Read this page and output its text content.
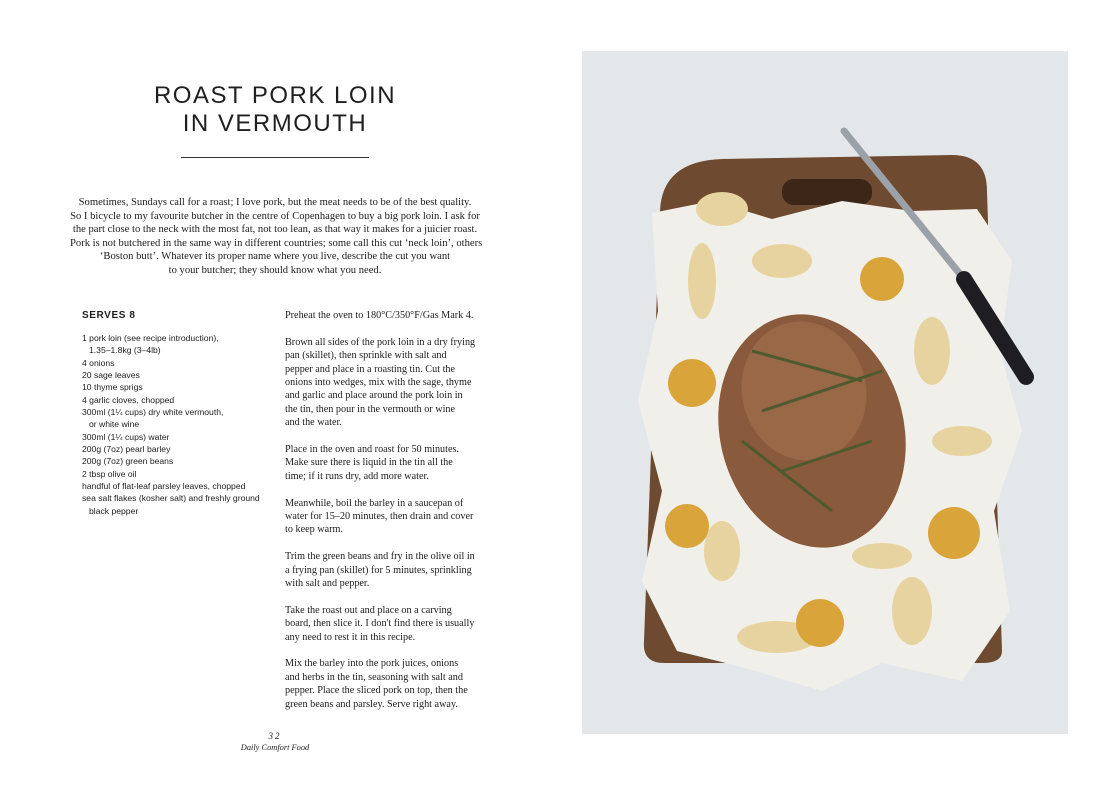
ROAST PORK LOIN
IN VERMOUTH
Sometimes, Sundays call for a roast; I love pork, but the meat needs to be of the best quality.
So I bicycle to my favourite butcher in the centre of Copenhagen to buy a big pork loin. I ask for
the part close to the neck with the most fat, not too lean, as that way it makes for a juicier roast.
Pork is not butchered in the same way in different countries; some call this cut ‘neck loin’, others
‘Boston butt’. Whatever its proper name where you live, describe the cut you want
to your butcher; they should know what you need.
SERVES 8
1 pork loin (see recipe introduction),
1.35–1.8kg (3–4lb)
4 onions
20 sage leaves
10 thyme sprigs
4 garlic cloves, chopped
300ml (1¼ cups) dry white vermouth,
or white wine
300ml (1¼ cups) water
200g (7oz) pearl barley
200g (7oz) green beans
2 tbsp olive oil
handful of flat-leaf parsley leaves, chopped
sea salt flakes (kosher salt) and freshly ground
black pepper

Preheat the oven to 180°C/350°F/Gas Mark 4.

Brown all sides of the pork loin in a dry frying
pan (skillet), then sprinkle with salt and
pepper and place in a roasting tin. Cut the
onions into wedges, mix with the sage, thyme
and garlic and place around the pork loin in
the tin, then pour in the vermouth or wine
and the water.

Place in the oven and roast for 50 minutes.
Make sure there is liquid in the tin all the
time; if it runs dry, add more water.

Meanwhile, boil the barley in a saucepan of
water for 15–20 minutes, then drain and cover
to keep warm.

Trim the green beans and fry in the olive oil in
a frying pan (skillet) for 5 minutes, sprinkling
with salt and pepper.

Take the roast out and place on a carving
board, then slice it. I don't find there is usually
any need to rest it in this recipe.

Mix the barley into the pork juices, onions
and herbs in the tin, seasoning with salt and
pepper. Place the sliced pork on top, then the
green beans and parsley. Serve right away.

32
Daily Comfort Food
